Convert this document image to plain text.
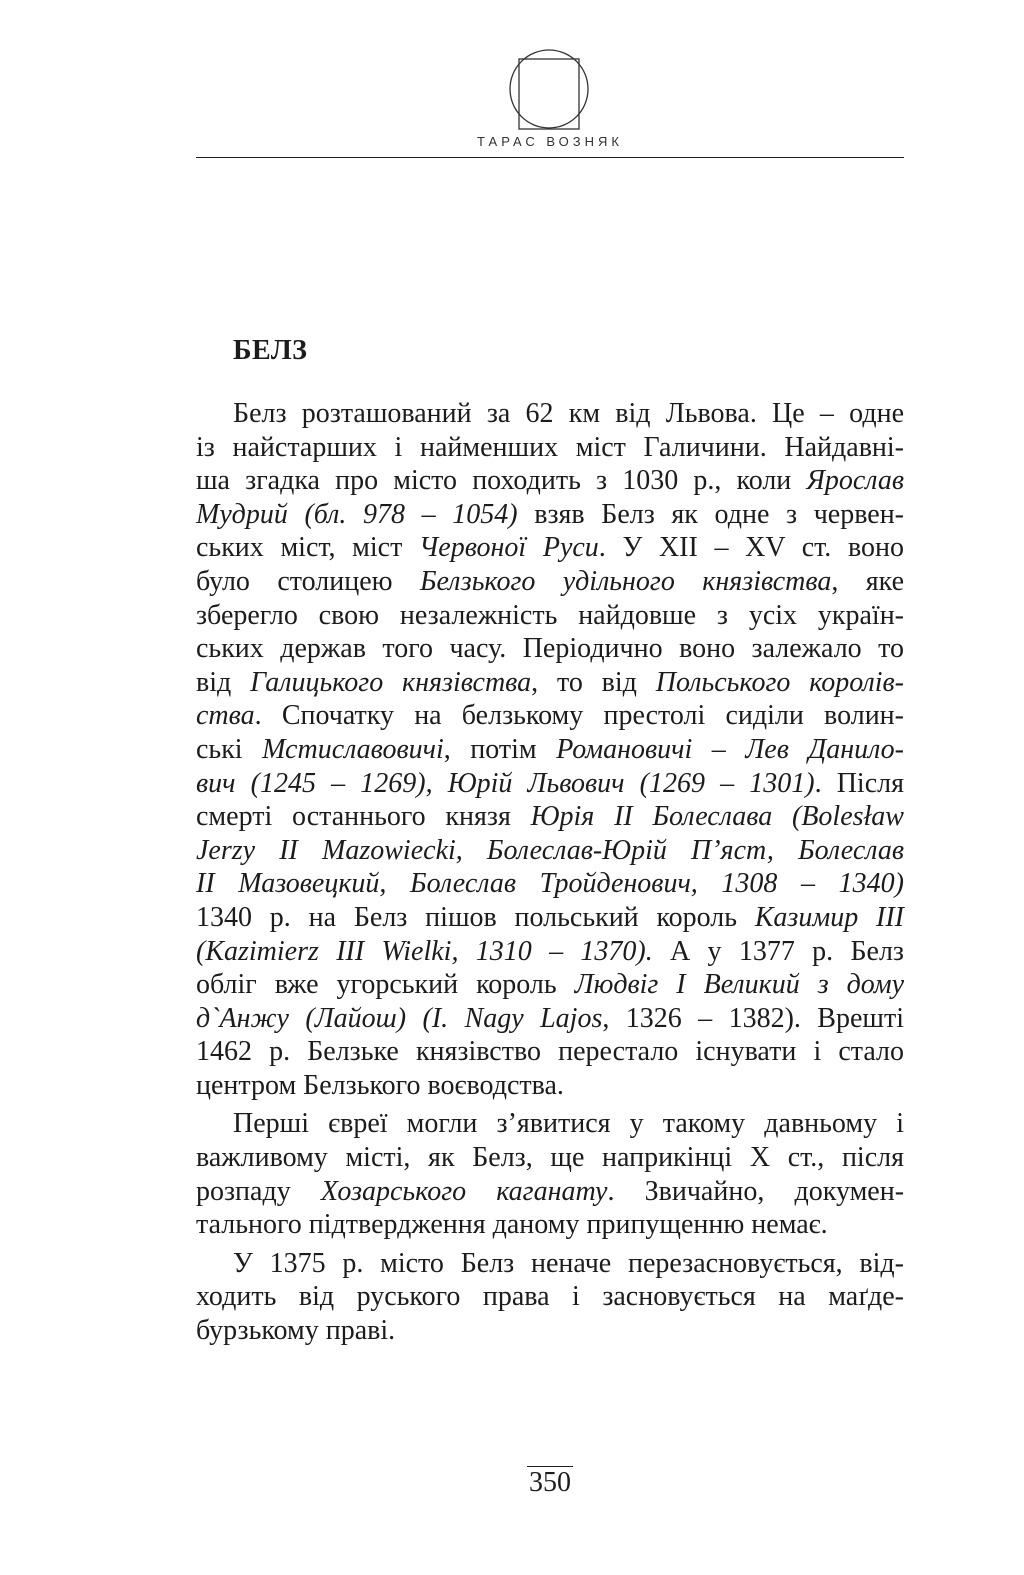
ТАРАС ВОЗНЯК
БЕЛЗ
Белз розташований за 62 км від Львова. Це – одне
із найстарших і найменших міст Галичини. Найдавні-
ша згадка про місто походить з 1030 р., коли Ярослав
Мудрий (бл. 978 – 1054) взяв Белз як одне з червен-
ських міст, міст Червоної Руси. У XII – XV ст. воно
було столицею Белзького удільного князівства, яке
зберегло свою незалежність найдовше з усіх україн-
ських держав того часу. Періодично воно залежало то
від Галицького князівства, то від Польського королів-
ства. Спочатку на белзькому престолі сиділи волин-
ські Мстиславовичі, потім Романовичі – Лев Данило-
вич (1245 – 1269), Юрій Львович (1269 – 1301). Після
смерті останнього князя Юрія II Болеслава (Bolesław
Jerzy II Mazowiecki, Болеслав-Юрій П’яст, Болеслав
II Мазовецкий, Болеслав Тройденович, 1308 – 1340)
1340 р. на Белз пішов польський король Казимир III
(Kazimierz III Wielki, 1310 – 1370). А у 1377 р. Белз
обліг вже угорський король Людвіг І Великий з дому
д`Анжу (Лайош) (I. Nagy Lajos, 1326 – 1382). Врешті
1462 р. Белзьке князівство перестало існувати і стало
центром Белзького воєводства.
Перші євреї могли з’явитися у такому давньому і
важливому місті, як Белз, ще наприкінці X ст., після
розпаду Хозарського каганату. Звичайно, докумен-
тального підтвердження даному припущенню немає.
У 1375 р. місто Белз неначе перезасновується, від-
ходить від руського права і засновується на маґде-
бурзькому праві.
350
